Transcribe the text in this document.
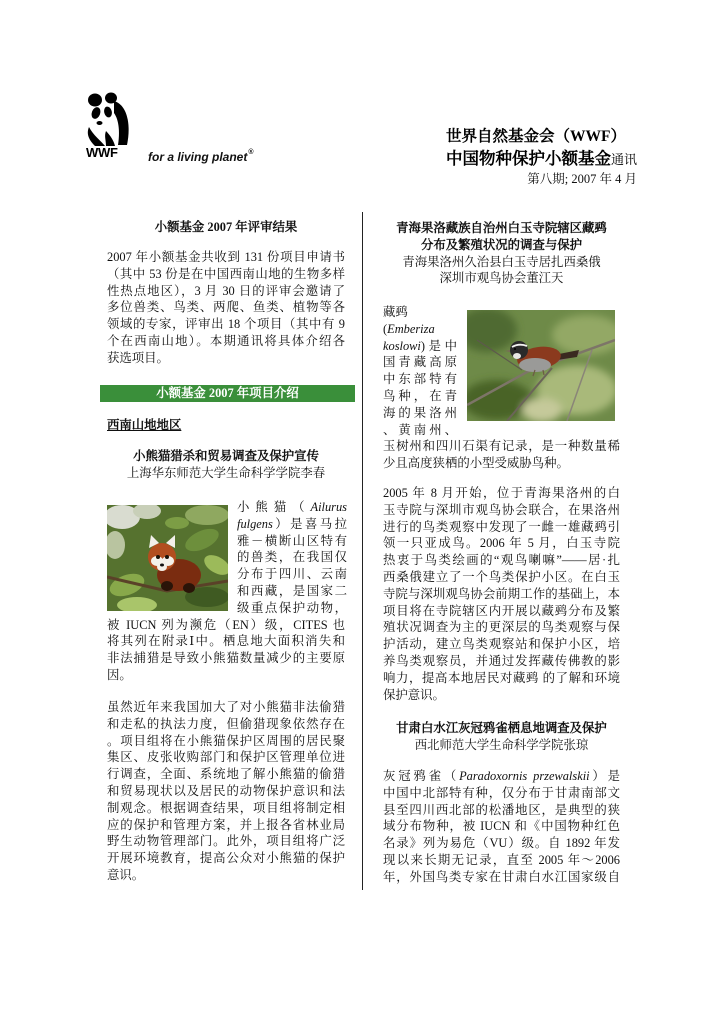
WWF	for a living planet®
世界自然基金会（WWF）
中国物种保护小额基金通讯
第八期; 2007 年 4 月
小额基金 2007 年评审结果
2007 年小额基金共收到 131 份项目申请书
（其中 53 份是在中国西南山地的生物多样
性热点地区），3 月 30 日的评审会邀请了
多位兽类、鸟类、两爬、鱼类、植物等各
领域的专家，评审出 18 个项目（其中有 9
个在西南山地）。本期通讯将具体介绍各
获选项目。
小额基金 2007 年项目介绍
西南山地地区
小熊猫猎杀和贸易调查及保护宣传
上海华东师范大学生命科学学院李春
小熊猫（Ailurus
fulgens）是喜马拉
雅－横断山区特有
的兽类，在我国仅
分布于四川、云南
和西藏，是国家二
级重点保护动物，
被 IUCN 列为濒危（EN）级，CITES 也
将其列在附录Ⅰ中。栖息地大面积消失和
非法捕猎是导致小熊猫数量减少的主要原
因。
虽然近年来我国加大了对小熊猫非法偷猎
和走私的执法力度，但偷猎现象依然存在
。项目组将在小熊猫保护区周围的居民聚
集区、皮张收购部门和保护区管理单位进
行调查，全面、系统地了解小熊猫的偷猎
和贸易现状以及居民的动物保护意识和法
制观念。根据调查结果，项目组将制定相
应的保护和管理方案，并上报各省林业局
野生动物管理部门。此外，项目组将广泛
开展环境教育，提高公众对小熊猫的保护
意识。
青海果洛藏族自治州白玉寺院辖区藏鹀
分布及繁殖状况的调查与保护
青海果洛州久治县白玉寺居扎西桑俄
深圳市观鸟协会董江天
藏鹀
(Emberiza
koslowi)是中
国青藏高原
中东部特有
鸟种，在青
海的果洛州
、黄南州、
玉树州和四川石渠有记录，是一种数量稀
少且高度狭栖的小型受威胁鸟种。
2005 年 8 月开始，位于青海果洛州的白
玉寺院与深圳市观鸟协会联合，在果洛州
进行的鸟类观察中发现了一雌一雄藏鹀引
领一只亚成鸟。2006 年 5 月，白玉寺院
热衷于鸟类绘画的“观鸟喇嘛”——居·扎
西桑俄建立了一个鸟类保护小区。在白玉
寺院与深圳观鸟协会前期工作的基础上，本
项目将在寺院辖区内开展以藏鹀分布及繁
殖状况调查为主的更深层的鸟类观察与保
护活动，建立鸟类观察站和保护小区，培
养鸟类观察员，并通过发挥藏传佛教的影
响力，提高本地居民对藏鹀 的了解和环境
保护意识。
甘肃白水江灰冠鸦雀栖息地调查及保护
西北师范大学生命科学学院张琼
灰冠鸦雀（Paradoxornis przewalskii）是
中国中北部特有种，仅分布于甘肃南部文
县至四川西北部的松潘地区，是典型的狭
域分布物种，被 IUCN 和《中国物种红色
名录》列为易危（VU）级。自 1892 年发
现以来长期无记录，直至 2005 年～2006
年，外国鸟类专家在甘肃白水江国家级自
